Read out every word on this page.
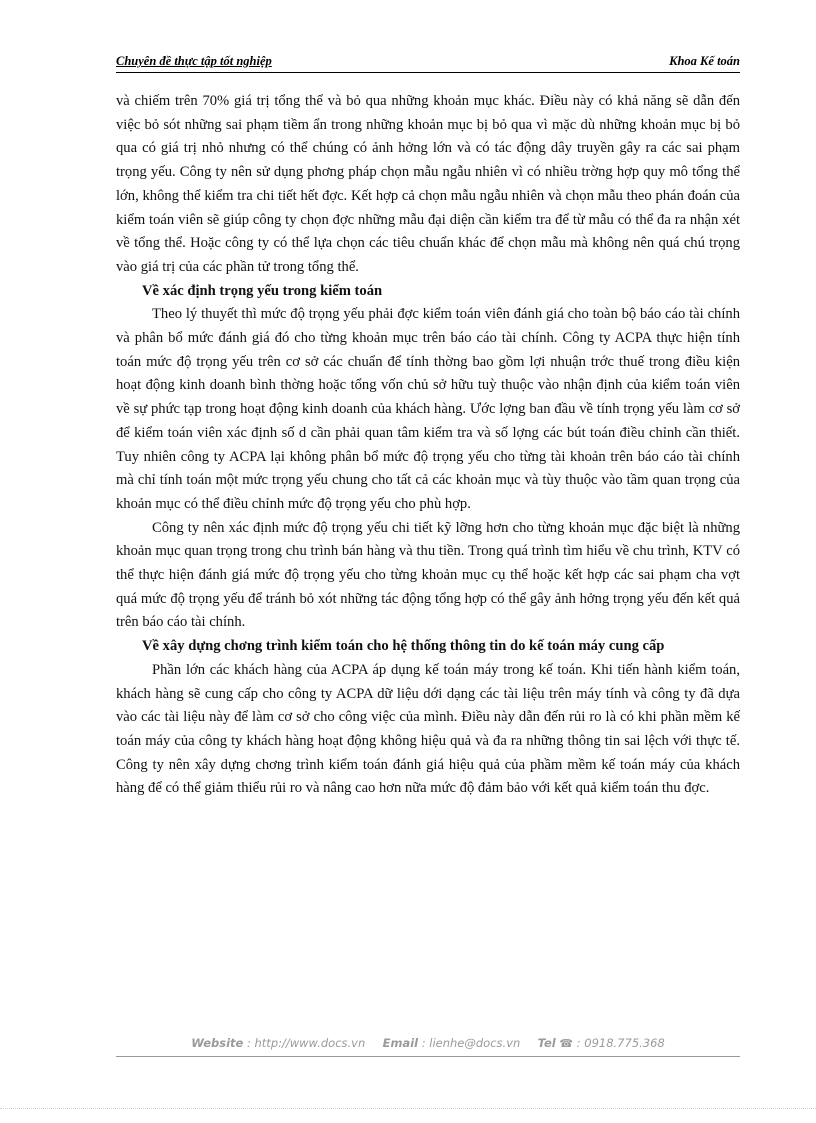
Chuyên đề thực tập tốt nghiệp	Khoa Kế toán

và chiếm trên 70% giá trị tổng thể và bỏ qua những khoản mục khác. Điều này có khả năng sẽ dẫn đến việc bỏ sót những sai phạm tiềm ẩn trong những khoản mục bị bỏ qua vì mặc dù những khoản mục bị bỏ qua có giá trị nhỏ nhưng có thể chúng có ảnh hởng lớn và có tác động dây truyền gây ra các sai phạm trọng yếu. Công ty nên sử dụng phơng pháp chọn mẫu ngẫu nhiên vì có nhiều trờng hợp quy mô tổng thể lớn, không thể kiểm tra chi tiết hết đợc. Kết hợp cả chọn mẫu ngẫu nhiên và chọn mẫu theo phán đoán của kiểm toán viên sẽ giúp công ty chọn đợc những mẫu đại diện cần kiểm tra để từ mẫu có thể đa ra nhận xét về tổng thể. Hoặc công ty có thể lựa chọn các tiêu chuẩn khác để chọn mẫu mà không nên quá chú trọng vào giá trị của các phần tử trong tổng thể.

Về xác định trọng yếu trong kiểm toán

Theo lý thuyết thì mức độ trọng yếu phải đợc kiểm toán viên đánh giá cho toàn bộ báo cáo tài chính và phân bổ mức đánh giá đó cho từng khoản mục trên báo cáo tài chính. Công ty ACPA thực hiện tính toán mức độ trọng yếu trên cơ sở các chuẩn để tính thờng bao gồm lợi nhuận trớc thuế trong điều kiện hoạt động kinh doanh bình thờng hoặc tổng vốn chủ sở hữu tuỳ thuộc vào nhận định của kiểm toán viên về sự phức tạp trong hoạt động kinh doanh của khách hàng. Ước lợng ban đầu về tính trọng yếu làm cơ sở để kiểm toán viên xác định số d cần phải quan tâm kiểm tra và số lợng các bút toán điều chỉnh cần thiết. Tuy nhiên công ty ACPA lại không phân bổ mức độ trọng yếu cho từng tài khoản trên báo cáo tài chính mà chỉ tính toán một mức trọng yếu chung cho tất cả các khoản mục và tùy thuộc vào tầm quan trọng của khoản mục có thể điều chỉnh mức độ trọng yếu cho phù hợp.

Công ty nên xác định mức độ trọng yếu chi tiết kỹ lỡng hơn cho từng khoản mục đặc biệt là những khoản mục quan trọng trong chu trình bán hàng và thu tiền. Trong quá trình tìm hiểu về chu trình, KTV có thể thực hiện đánh giá mức độ trọng yếu cho từng khoản mục cụ thể hoặc kết hợp các sai phạm cha vợt quá mức độ trọng yếu để tránh bỏ xót những tác động tổng hợp có thể gây ảnh hởng trọng yếu đến kết quả trên báo cáo tài chính.

Về xây dựng chơng trình kiểm toán cho hệ thống thông tin do kế toán máy cung cấp

Phần lớn các khách hàng của ACPA áp dụng kế toán máy trong kế toán. Khi tiến hành kiểm toán, khách hàng sẽ cung cấp cho công ty ACPA dữ liệu dới dạng các tài liệu trên máy tính và công ty đã dựa vào các tài liệu này để làm cơ sở cho công việc của mình. Điều này dẫn đến rủi ro là có khi phần mềm kế toán máy của công ty khách hàng hoạt động không hiệu quả và đa ra những thông tin sai lệch với thực tế. Công ty nên xây dựng chơng trình kiểm toán đánh giá hiệu quả của phầm mềm kế toán máy của khách hàng để có thể giảm thiểu rủi ro và nâng cao hơn nữa mức độ đảm bảo với kết quả kiểm toán thu đợc.

Website : http://www.docs.vn Email : lienhe@docs.vn Tel ☎ : 0918.775.368
